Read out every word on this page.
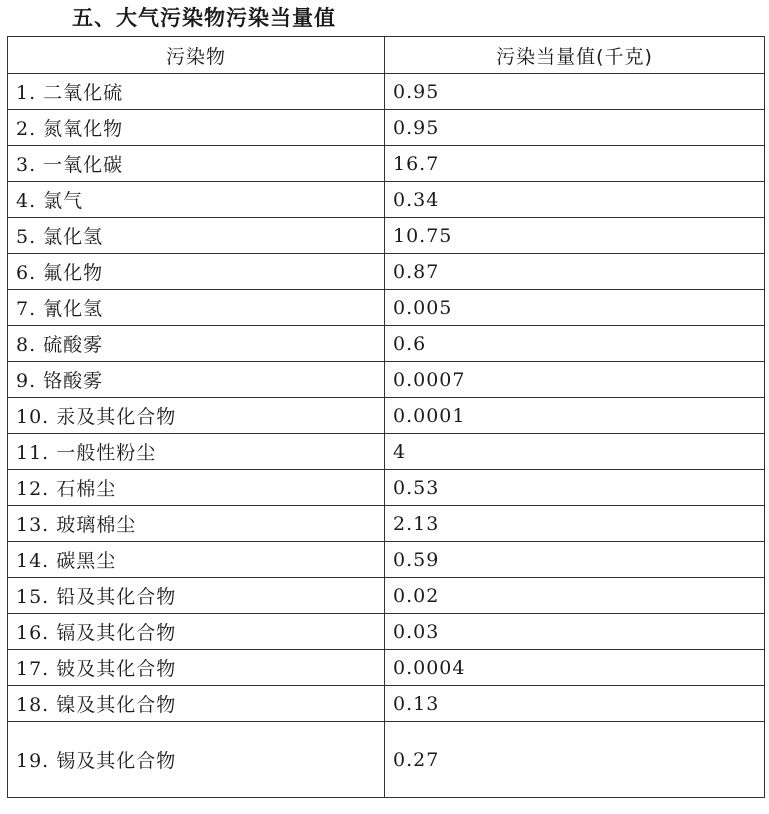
五、大气污染物污染当量值
污染物	污染当量值(千克)
1. 二氧化硫	0.95
2. 氮氧化物	0.95
3. 一氧化碳	16.7
4. 氯气	0.34
5. 氯化氢	10.75
6. 氟化物	0.87
7. 氰化氢	0.005
8. 硫酸雾	0.6
9. 铬酸雾	0.0007
10. 汞及其化合物	0.0001
11. 一般性粉尘	4
12. 石棉尘	0.53
13. 玻璃棉尘	2.13
14. 碳黑尘	0.59
15. 铅及其化合物	0.02
16. 镉及其化合物	0.03
17. 铍及其化合物	0.0004
18. 镍及其化合物	0.13
19. 锡及其化合物	0.27
